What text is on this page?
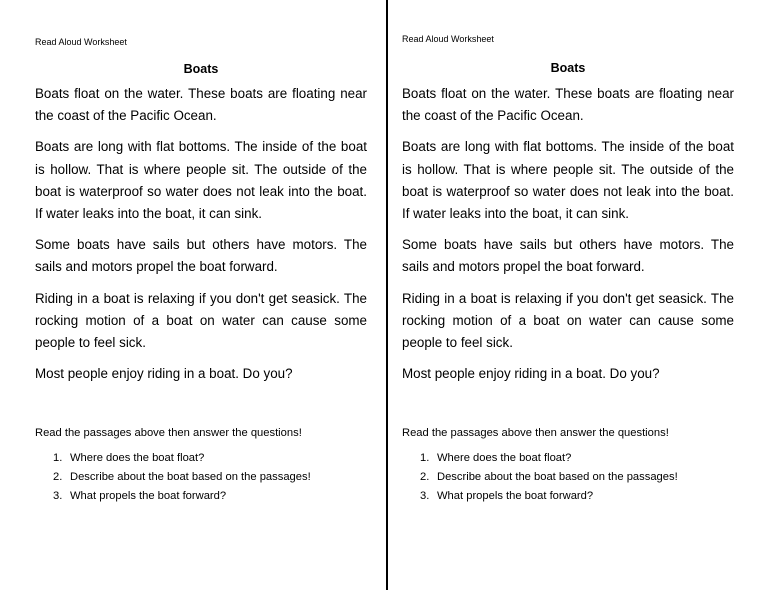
Read Aloud Worksheet

Boats

Boats float on the water. These boats are floating near the coast of the Pacific Ocean.

Boats are long with flat bottoms. The inside of the boat is hollow. That is where people sit. The outside of the boat is waterproof so water does not leak into the boat. If water leaks into the boat, it can sink.

Some boats have sails but others have motors. The sails and motors propel the boat forward.

Riding in a boat is relaxing if you don't get seasick. The rocking motion of a boat on water can cause some people to feel sick.

Most people enjoy riding in a boat. Do you?

Read the passages above then answer the questions!

1. Where does the boat float?
2. Describe about the boat based on the passages!
3. What propels the boat forward?

Read Aloud Worksheet

Boats

Boats float on the water. These boats are floating near the coast of the Pacific Ocean.

Boats are long with flat bottoms. The inside of the boat is hollow. That is where people sit. The outside of the boat is waterproof so water does not leak into the boat. If water leaks into the boat, it can sink.

Some boats have sails but others have motors. The sails and motors propel the boat forward.

Riding in a boat is relaxing if you don't get seasick. The rocking motion of a boat on water can cause some people to feel sick.

Most people enjoy riding in a boat. Do you?

Read the passages above then answer the questions!

1. Where does the boat float?
2. Describe about the boat based on the passages!
3. What propels the boat forward?
